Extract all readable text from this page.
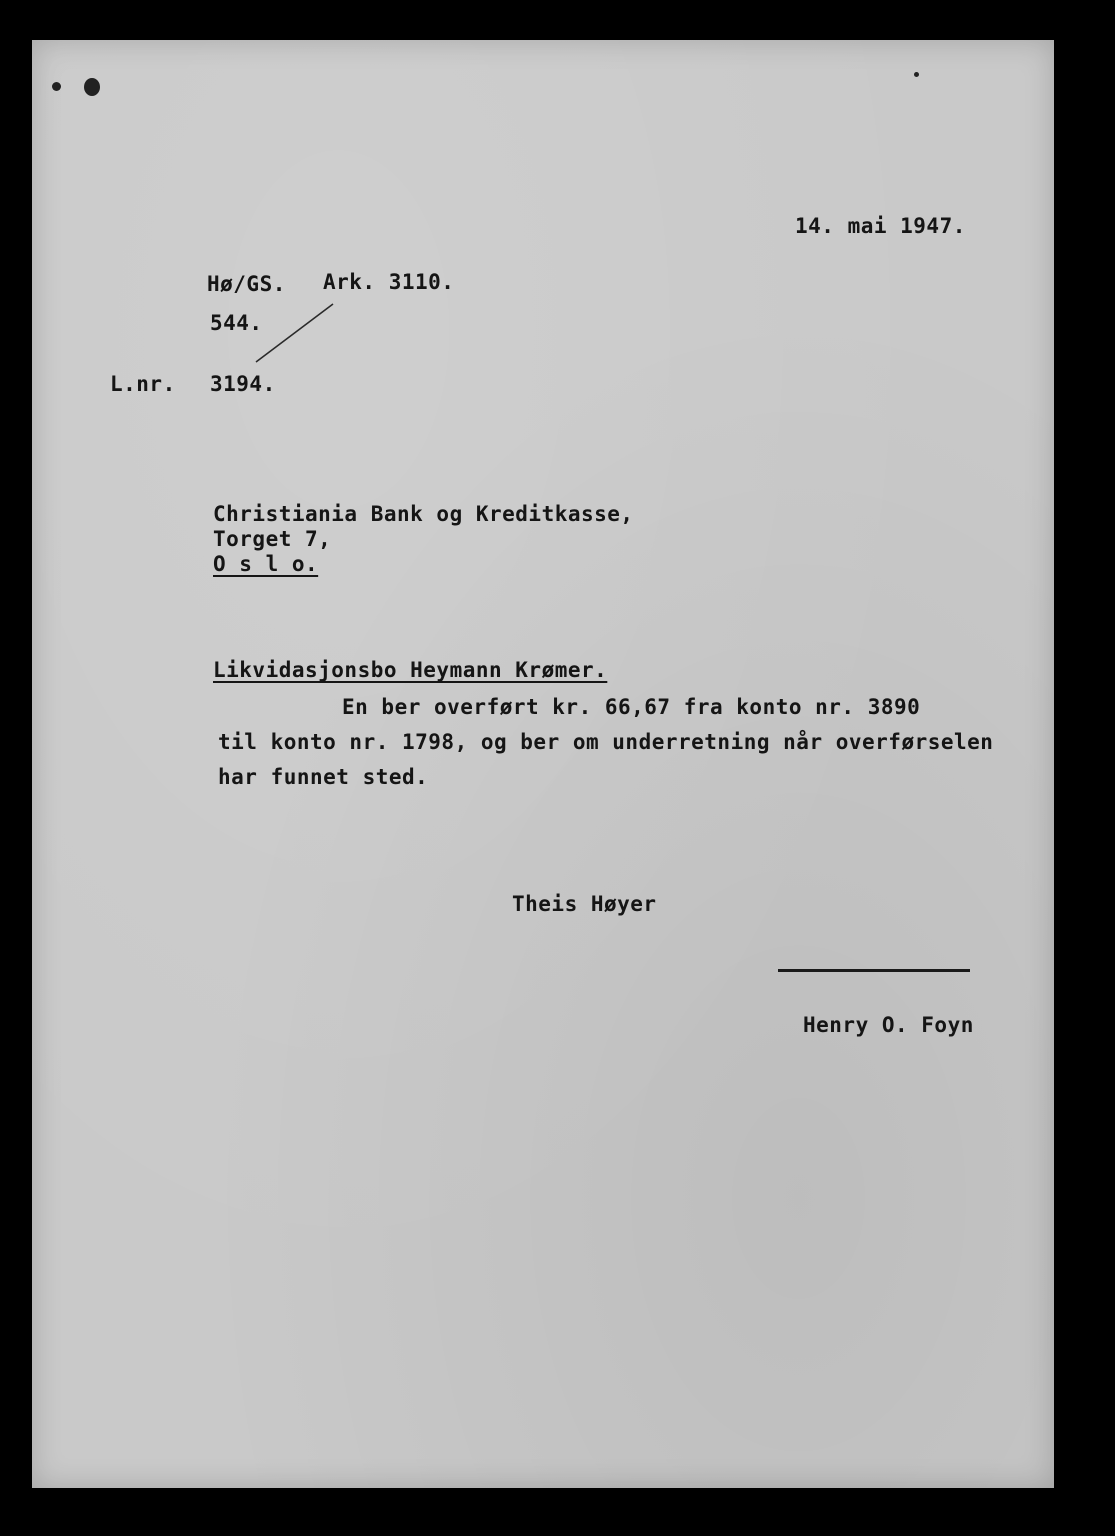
14. mai 1947.
Hø/GS. Ark. 3110.
544.
L.nr. 3194.
Christiania Bank og Kreditkasse,
Torget 7,
O s l o.
Likvidasjonsbo Heymann Krømer.
En ber overført kr. 66,67 fra konto nr. 3890
til konto nr. 1798, og ber om underretning når overførselen
har funnet sted.
Theis Høyer
Henry O. Foyn
